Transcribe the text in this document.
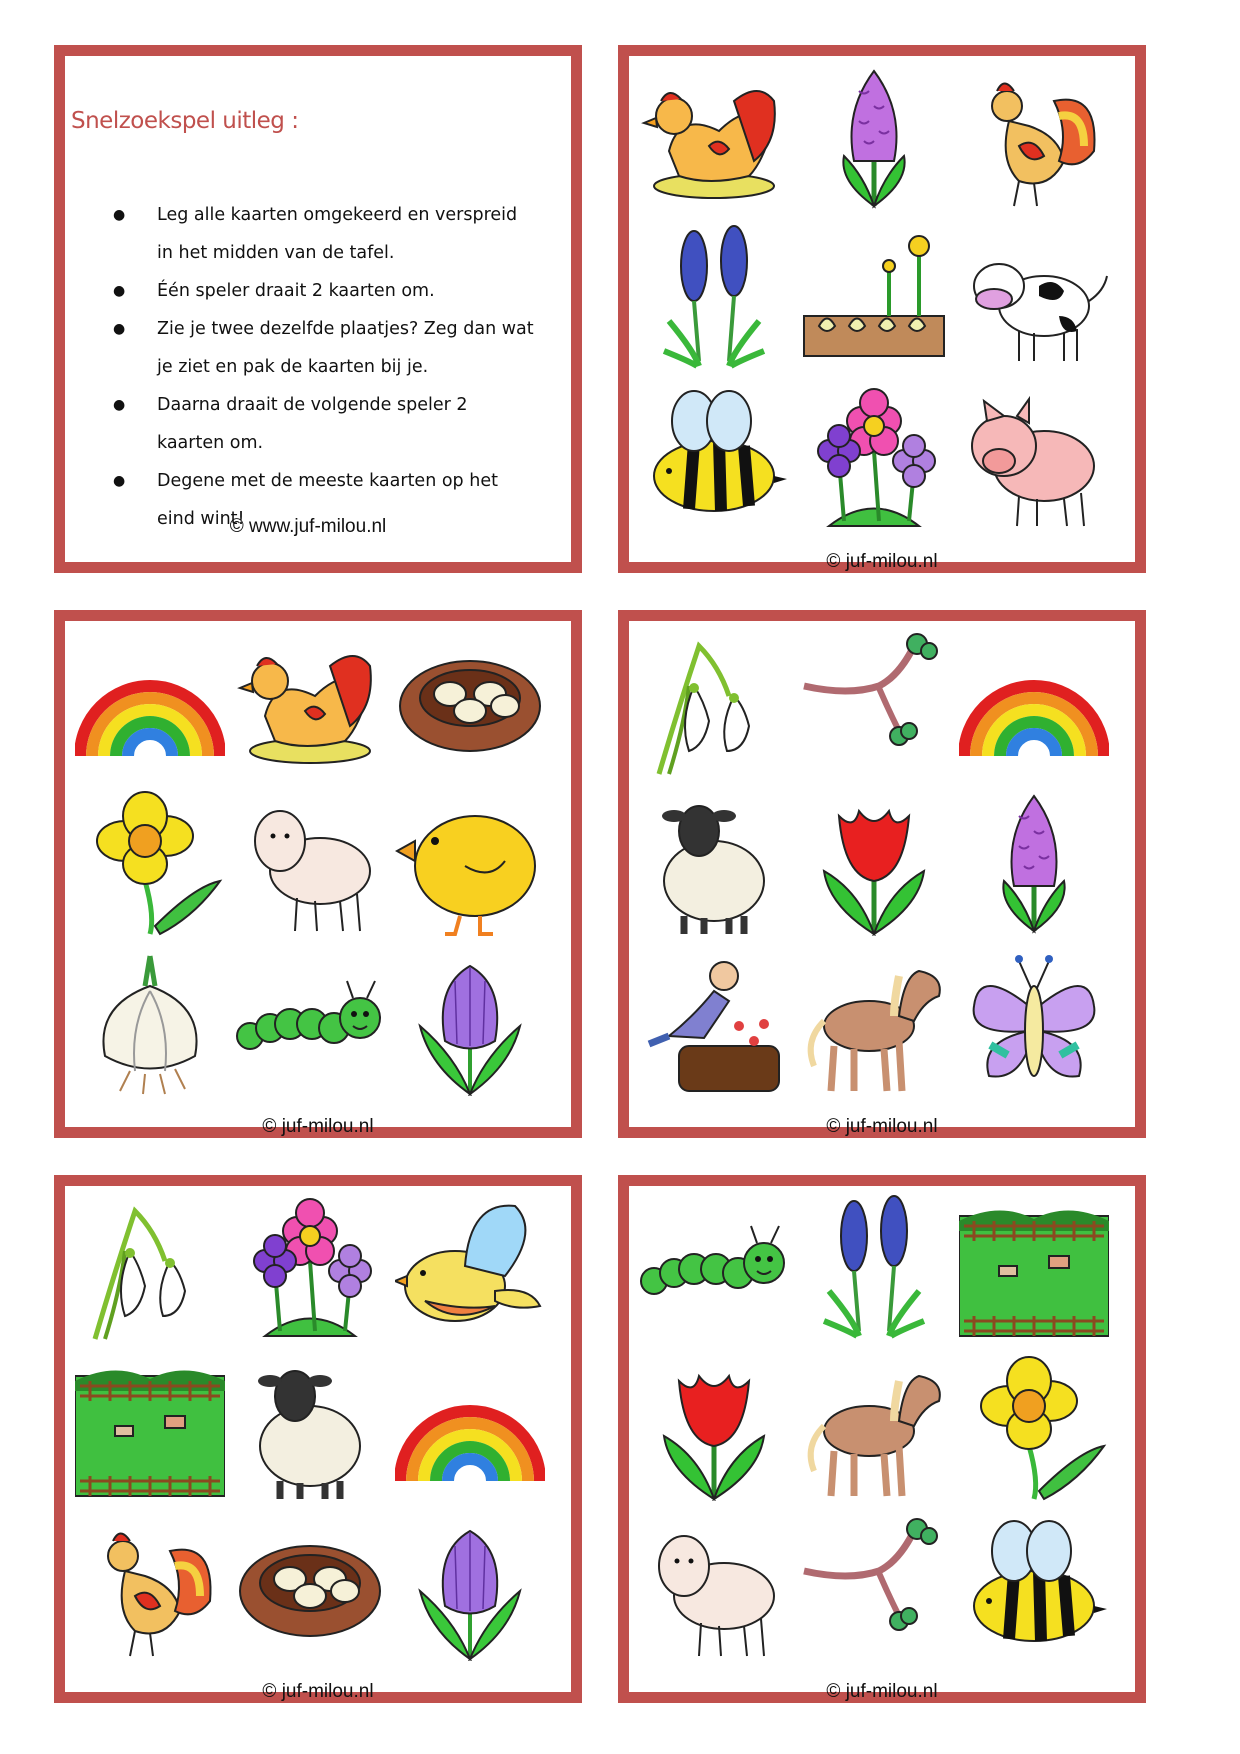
Snelzoekspel uitleg :
● Leg alle kaarten omgekeerd en verspreid in het midden van de tafel.
● Één speler draait 2 kaarten om.
● Zie je twee dezelfde plaatjes? Zeg dan wat je ziet en pak de kaarten bij je.
● Daarna draait de volgende speler 2 kaarten om.
● Degene met de meeste kaarten op het eind wint!
© www.juf-milou.nl
© juf-milou.nl
© juf-milou.nl	© juf-milou.nl
© juf-milou.nl	© juf-milou.nl
